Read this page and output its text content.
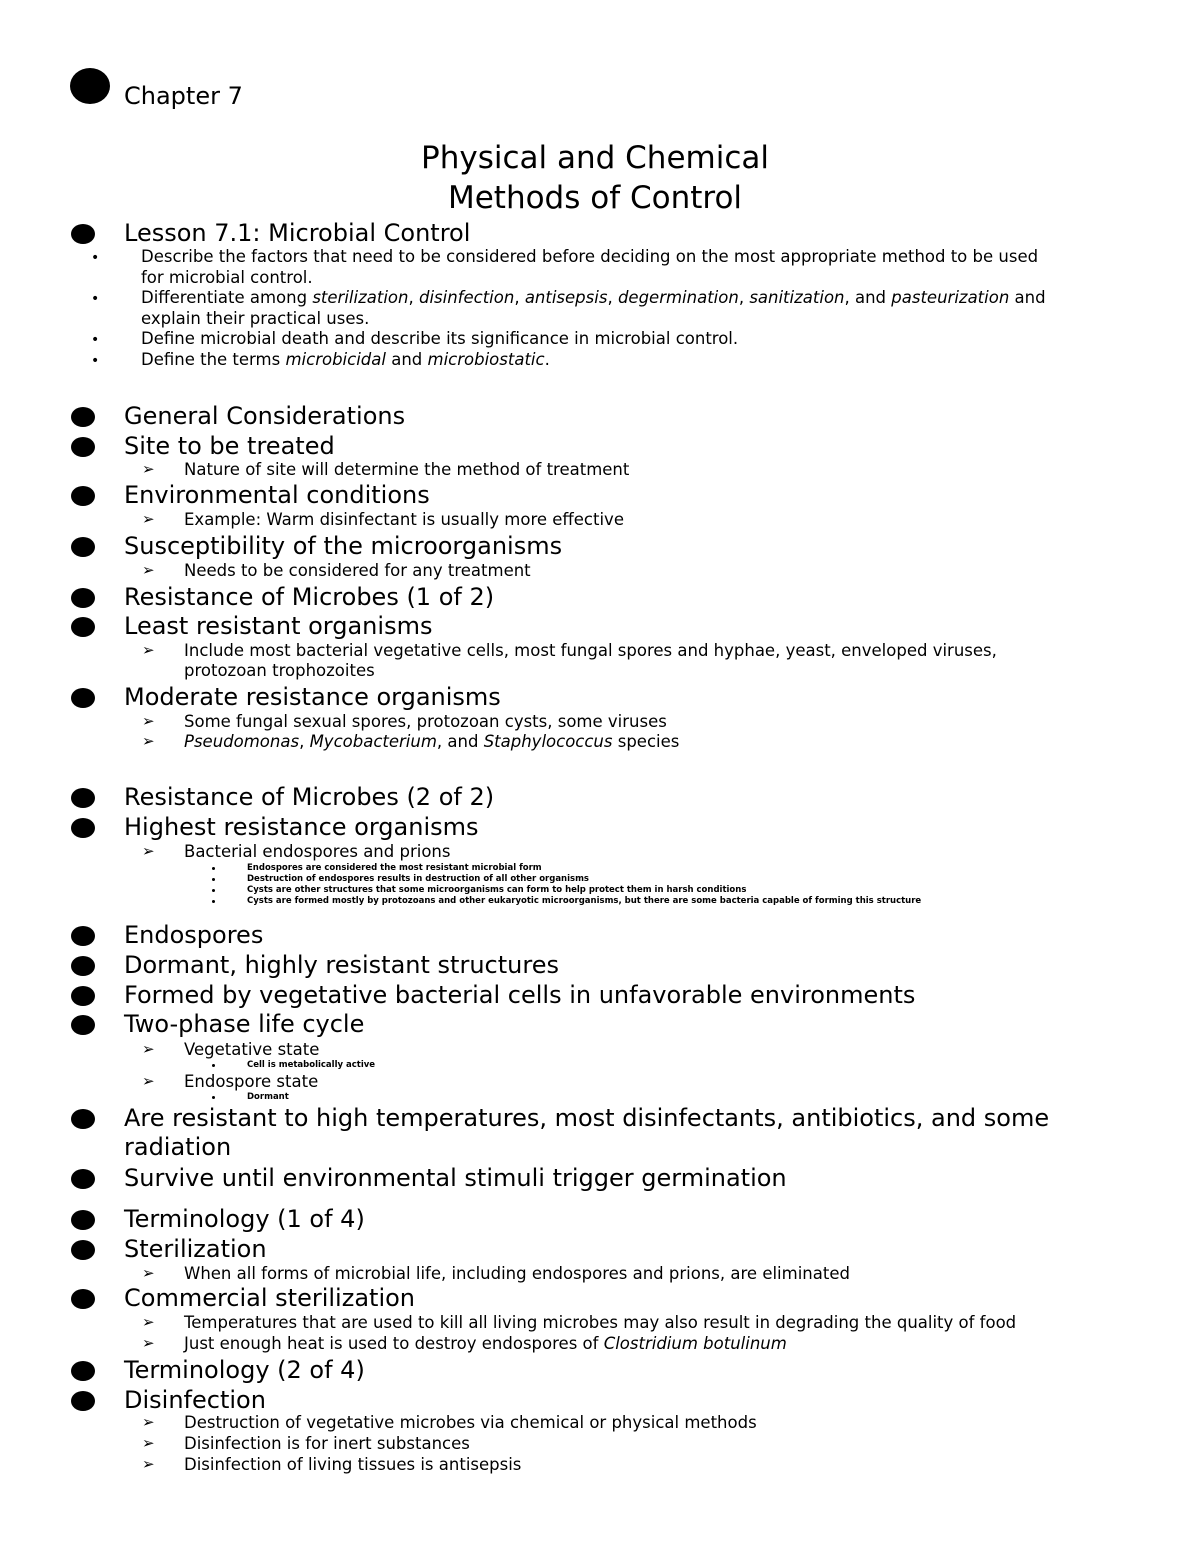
Chapter 7
Physical and Chemical
Methods of Control
Lesson 7.1: Microbial Control
•	Describe the factors that need to be considered before deciding on the most appropriate method to be used
for microbial control.
•	Differentiate among sterilization, disinfection, antisepsis, degermination, sanitization, and pasteurization and
explain their practical uses.
•	Define microbial death and describe its significance in microbial control.
•	Define the terms microbicidal and microbiostatic.
General Considerations
Site to be treated
➢ Nature of site will determine the method of treatment
Environmental conditions
➢ Example: Warm disinfectant is usually more effective
Susceptibility of the microorganisms
➢ Needs to be considered for any treatment
Resistance of Microbes (1 of 2)
Least resistant organisms
➢ Include most bacterial vegetative cells, most fungal spores and hyphae, yeast, enveloped viruses,
protozoan trophozoites
Moderate resistance organisms
➢ Some fungal sexual spores, protozoan cysts, some viruses
➢ Pseudomonas, Mycobacterium, and Staphylococcus species
Resistance of Microbes (2 of 2)
Highest resistance organisms
➢ Bacterial endospores and prions
Endospores are considered the most resistant microbial form
Destruction of endospores results in destruction of all other organisms
Cysts are other structures that some microorganisms can form to help protect them in harsh conditions
Cysts are formed mostly by protozoans and other eukaryotic microorganisms, but there are some bacteria capable of forming this structure
Endospores
Dormant, highly resistant structures
Formed by vegetative bacterial cells in unfavorable environments
Two-phase life cycle
➢ Vegetative state
Cell is metabolically active
➢ Endospore state
Dormant
Are resistant to high temperatures, most disinfectants, antibiotics, and some
radiation
Survive until environmental stimuli trigger germination
Terminology (1 of 4)
Sterilization
➢ When all forms of microbial life, including endospores and prions, are eliminated
Commercial sterilization
➢ Temperatures that are used to kill all living microbes may also result in degrading the quality of food
➢ Just enough heat is used to destroy endospores of Clostridium botulinum
Terminology (2 of 4)
Disinfection
➢ Destruction of vegetative microbes via chemical or physical methods
➢ Disinfection is for inert substances
➢ Disinfection of living tissues is antisepsis
